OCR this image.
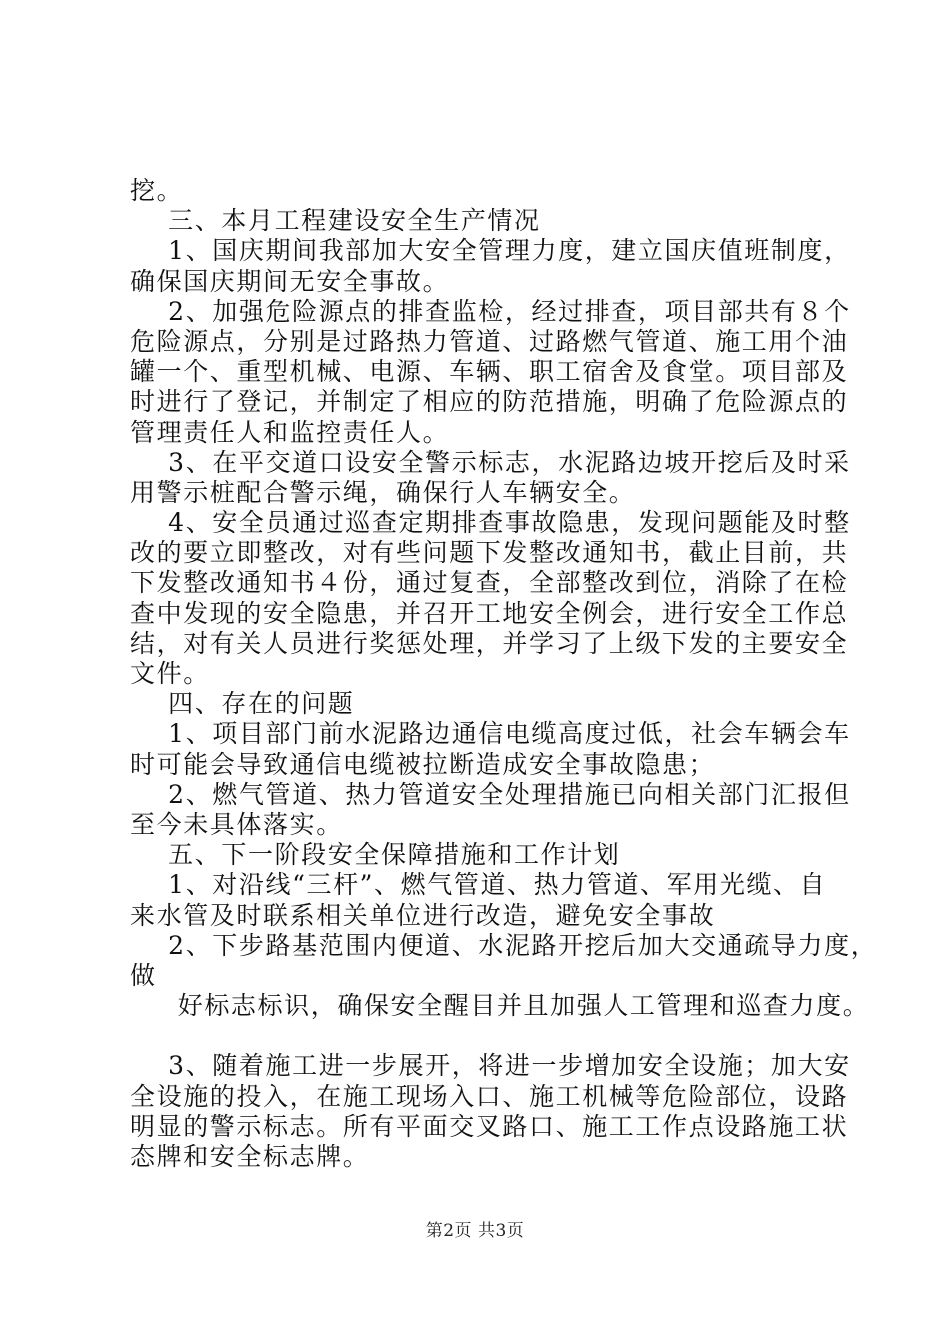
挖。
三、本月工程建设安全生产情况
1、国庆期间我部加大安全管理力度，建立国庆值班制度，
确保国庆期间无安全事故。
2、加强危险源点的排查监检，经过排查，项目部共有８个
危险源点，分别是过路热力管道、过路燃气管道、施工用个油
罐一个、重型机械、电源、车辆、职工宿舍及食堂。项目部及
时进行了登记，并制定了相应的防范措施，明确了危险源点的
管理责任人和监控责任人。
3、在平交道口设安全警示标志，水泥路边坡开挖后及时采
用警示桩配合警示绳，确保行人车辆安全。
4、安全员通过巡查定期排查事故隐患，发现问题能及时整
改的要立即整改，对有些问题下发整改通知书，截止目前，共
下发整改通知书４份，通过复查，全部整改到位，消除了在检
查中发现的安全隐患，并召开工地安全例会，进行安全工作总
结，对有关人员进行奖惩处理，并学习了上级下发的主要安全
文件。
四、存在的问题
1、项目部门前水泥路边通信电缆高度过低，社会车辆会车
时可能会导致通信电缆被拉断造成安全事故隐患；
2、燃气管道、热力管道安全处理措施已向相关部门汇报但
至今未具体落实。
五、下一阶段安全保障措施和工作计划
1、对沿线“三杆”、燃气管道、热力管道、军用光缆、自
来水管及时联系相关单位进行改造，避免安全事故
2、下步路基范围内便道、水泥路开挖后加大交通疏导力度，
做
好标志标识，确保安全醒目并且加强人工管理和巡查力度。
3、随着施工进一步展开，将进一步增加安全设施；加大安
全设施的投入，在施工现场入口、施工机械等危险部位，设路
明显的警示标志。所有平面交叉路口、施工工作点设路施工状
态牌和安全标志牌。
第2页 共3页
